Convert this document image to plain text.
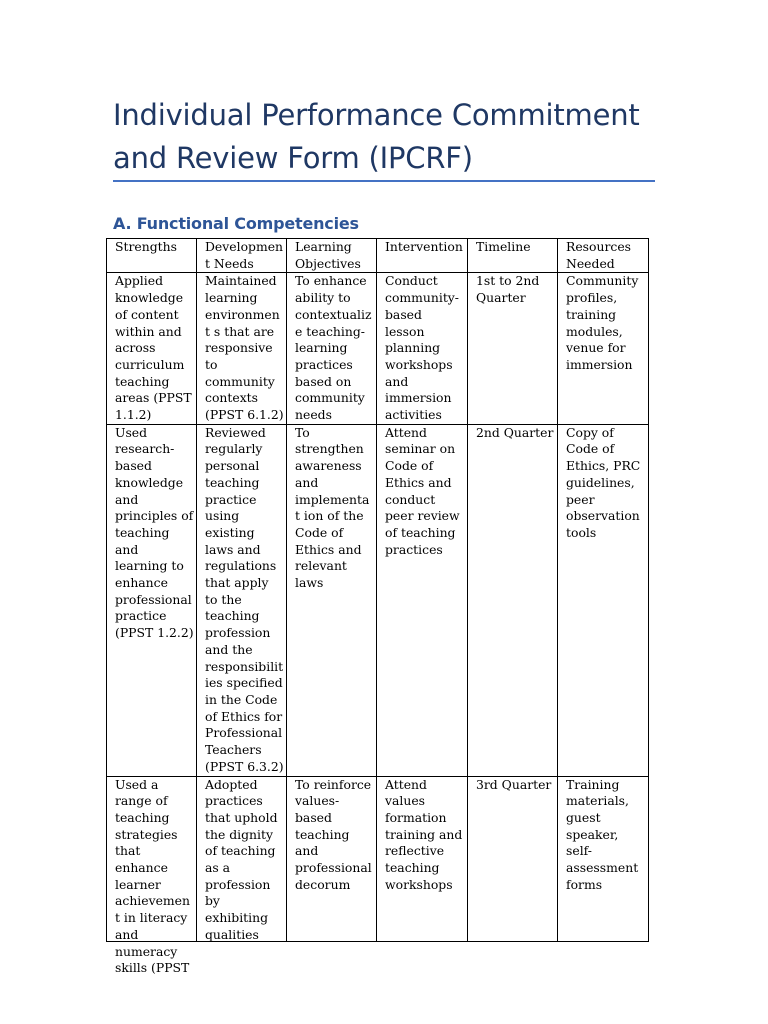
Individual Performance Commitment and Review Form (IPCRF)
A. Functional Competencies
Strengths	Developmen t Needs	Learning Objectives	Intervention	Timeline	Resources Needed
Applied knowledge of content within and across curriculum teaching areas (PPST 1.1.2)	Maintained learning environment s that are responsive to community contexts (PPST 6.1.2)	To enhance ability to contextualiz e teaching-learning practices based on community needs	Conduct community-based lesson planning workshops and immersion activities	1st to 2nd Quarter	Community profiles, training modules, venue for immersion
Used research-based knowledge and principles of teaching and learning to enhance professional practice (PPST 1.2.2)	Reviewed regularly personal teaching practice using existing laws and regulations that apply to the teaching profession and the responsibilit ies specified in the Code of Ethics for Professional Teachers (PPST 6.3.2)	To strengthen awareness and implementat ion of the Code of Ethics and relevant laws	Attend seminar on Code of Ethics and conduct peer review of teaching practices	2nd Quarter	Copy of Code of Ethics, PRC guidelines, peer observation tools

Used a range of teaching strategies that enhance learner achievement in literacy and numeracy skills (PPST	Adopted practices that uphold the dignity of teaching as a profession by exhibiting qualities	To reinforce values-based teaching and professional decorum	Attend values formation training and reflective teaching workshops	3rd Quarter	Training materials, guest speaker, self-assessment forms
